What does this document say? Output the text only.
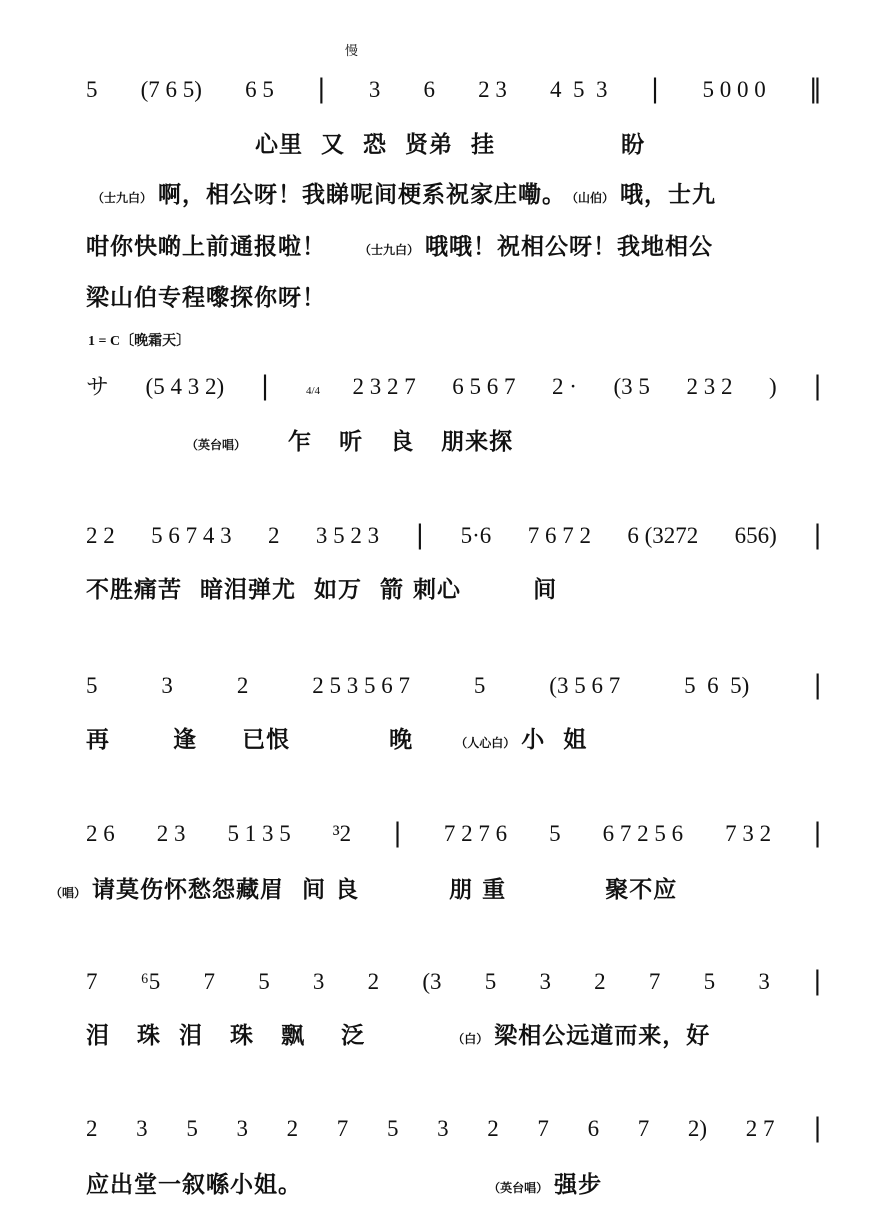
慢
1 = C〔晚霜天〕
5 (7 6 5) 6 5 | 3 6 2 3 4  5  3 | 5 0 0 0 ‖
心里  又  恐  贤弟  挂              盼
サ (5 4 3 2) |	4/4 2 3 2 7 6 5 6 7 2 · (3 5 2 3 2 ) |
（英台唱）    乍   听   良   朋来探
2 2 5 6 7 4 3 2 3 5 2 3 | 5·6 7 6 7 2 6 (3272 656) |
不胜痛苦  暗泪弹尤  如万  箭 刺心        间
5	3	2	2 5 3 5 6 7	5	(3 5 6 7	5  6  5) |
再       逢     已恨           晚    （人心白） 小  姐
2 6 2 3 5 1 3 5 ³2 | 7 2 7 6 5 6 7 2 5 6 7 3 2 |
（唱） 请莫伤怀愁怨藏眉  间 良          朋 重           聚不应
7 ⁶5 7 5 3 2 (3 5 3 2 7 5 3 |
泪   珠  泪   珠   飘    泛         （白） 梁相公远道而来，好
2 3 5 3 2 7 5 3 2 7 6 7 2) 2 7 |
应出堂一叙喺小姐。                    （英台唱） 强步
（士九白） 啊，相公呀！我睇呢间梗系祝家庄嘞。 （山伯） 哦，士九
咁你快啲上前通报啦！   （士九白） 哦哦！祝相公呀！我地相公
梁山伯专程嚟探你呀！
